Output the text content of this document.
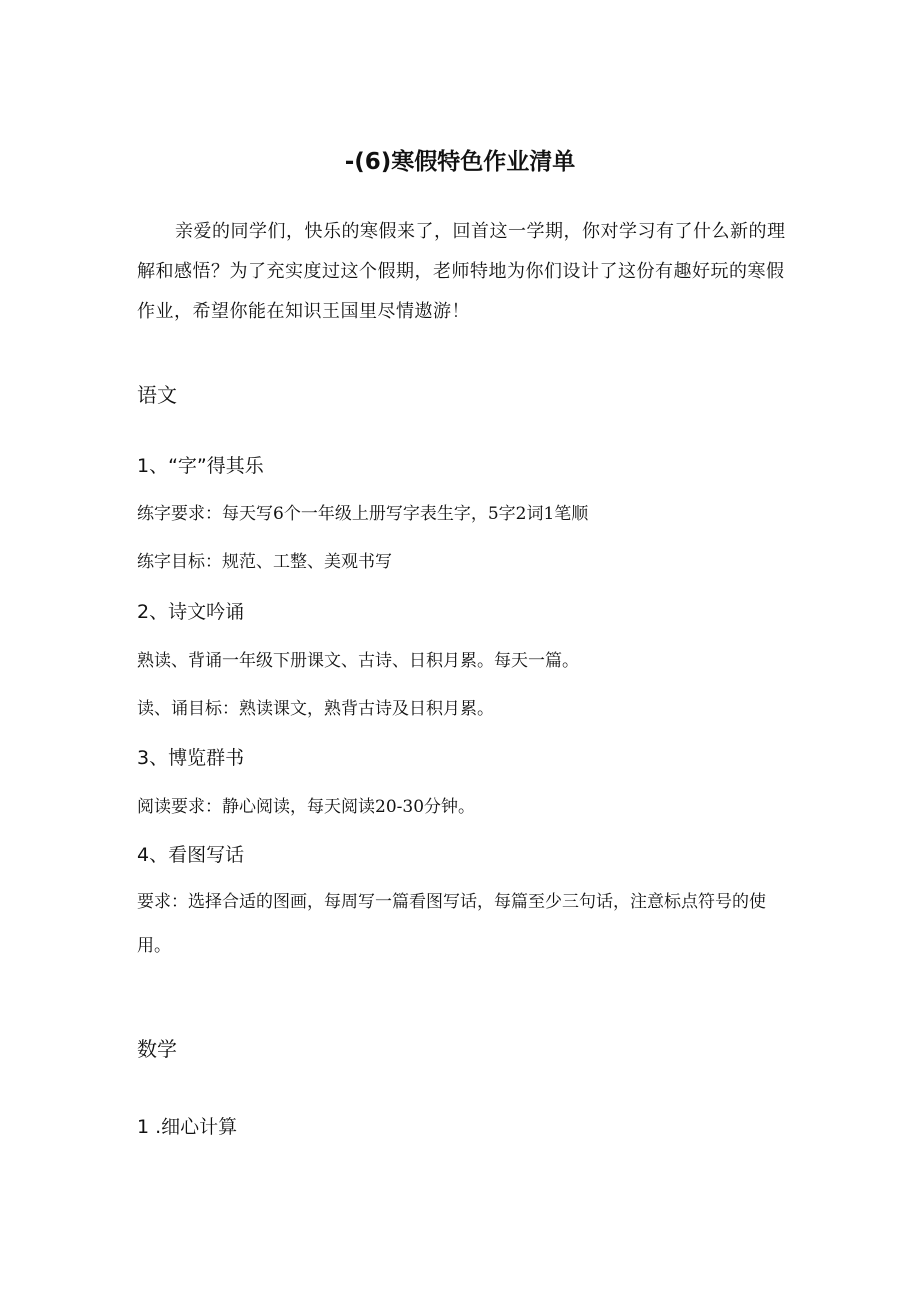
-(6)寒假特色作业清单

亲爱的同学们，快乐的寒假来了，回首这一学期，你对学习有了什么新的理解和感悟？为了充实度过这个假期，老师特地为你们设计了这份有趣好玩的寒假作业，希望你能在知识王国里尽情遨游！

语文
1、“字”得其乐

练字要求：每天写6个一年级上册写字表生字，5字2词1笔顺

练字目标：规范、工整、美观书写

2、诗文吟诵

熟读、背诵一年级下册课文、古诗、日积月累。每天一篇。

读、诵目标：熟读课文，熟背古诗及日积月累。

3、博览群书

阅读要求：静心阅读，每天阅读20-30分钟。

4、看图写话

要求：选择合适的图画，每周写一篇看图写话，每篇至少三句话，注意标点符号的使用。

数学
1 .细心计算
